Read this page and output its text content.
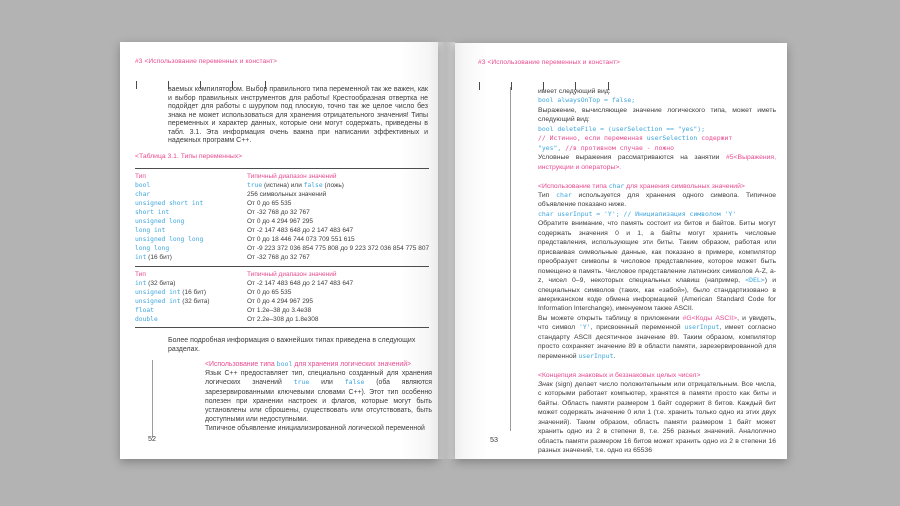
#3 <Использование переменных и констант>
ваемых компилятором. Выбор правильного типа переменной так же важен, как и выбор правильных инструментов для работы! Крестообразная отвертка не подойдет для работы с шурупом под плоскую, точно так же целое число без знака не может использоваться для хранения отрицательного значения! Типы переменных и характер данных, которые они могут содержать, приведены в табл. 3.1. Эта информация очень важна при написании эффективных и надежных программ C++.
<Таблица 3.1. Типы переменных>
Тип	Типичный диапазон значений
bool	true (истина) или false (ложь)
char	256 символьных значений
unsigned short int	От 0 до 65 535
short int	От -32 768 до 32 767
unsigned long	От 0 до 4 294 967 295
long int	От -2 147 483 648 до 2 147 483 647
unsigned long long	От 0 до 18 446 744 073 709 551 615
long long	От -9 223 372 036 854 775 808 до 9 223 372 036 854 775 807
int (16 бит)	От -32 768 до 32 767
Тип	Типичный диапазон значений
int (32 бита)	От -2 147 483 648 до 2 147 483 647
unsigned int (16 бит)	От 0 до 65 535
unsigned int (32 бита)	От 0 до 4 294 967 295
float	От 1.2e–38 до 3.4e38
double	От 2.2e–308 до 1.8e308
Более подробная информация о важнейших типах приведена в следующих разделах.
<Использование типа bool для хранения логических значений>
Язык C++ предоставляет тип, специально созданный для хранения логических значений true или false (оба являются зарезервированными ключевыми словами C++). Этот тип особенно полезен при хранении настроек и флагов, которые могут быть установлены или сброшены, существовать или отсутствовать, быть доступными или недоступными.
Типичное объявление инициализированной логической переменной
52
#3 <Использование переменных и констант>
имеет следующий вид:
bool alwaysOnTop = false;
Выражение, вычисляющее значение логического типа, может иметь следующий вид:
bool deleteFile = (userSelection == "yes");
// Истинно, если переменная userSelection содержит
"yes", //в противном случае - ложно
Условные выражения рассматриваются на занятии #5<Выражения, инструкции и операторы>.
<Использование типа char для хранения символьных значений>
Тип char используется для хранения одного символа. Типичное объявление показано ниже.
char userInput = 'Y'; // Инициализация символом 'Y'
Обратите внимание, что память состоит из битов и байтов. Биты могут содержать значения 0 и 1, а байты могут хранить числовые представления, использующие эти биты. Таким образом, работая или присваивая символьные данные, как показано в примере, компилятор преобразует символы в числовое представление, которое может быть помещено в память. Числовое представление латинских символов A-Z, a-z, чисел 0–9, некоторых специальных клавиш (например, <DEL>) и специальных символов (таких, как «забой»), было стандартизовано в американском коде обмена информацией (American Standard Code for Information Interchange), именуемом также ASCII.
Вы можете открыть таблицу в приложении #G<Коды ASCII>, и увидеть, что символ 'Y', присвоенный переменной userInput, имеет согласно стандарту ASCII десятичное значение 89. Таким образом, компилятор просто сохраняет значение 89 в области памяти, зарезервированной для переменной userInput.
<Концепция знаковых и беззнаковых целых чисел>
Знак (sign) делает число положительным или отрицательным. Все числа, с которыми работает компьютер, хранятся в памяти просто как биты и байты. Область памяти размером 1 байт содержит 8 битов. Каждый бит может содержать значение 0 или 1 (т.е. хранить только одно из этих двух значений). Таким образом, область памяти размером 1 байт может хранить одно из 2 в степени 8, т.е. 256 разных значений. Аналогично область памяти размером 16 битов может хранить одно из 2 в степени 16 разных значений, т.е. одно из 65536
53
